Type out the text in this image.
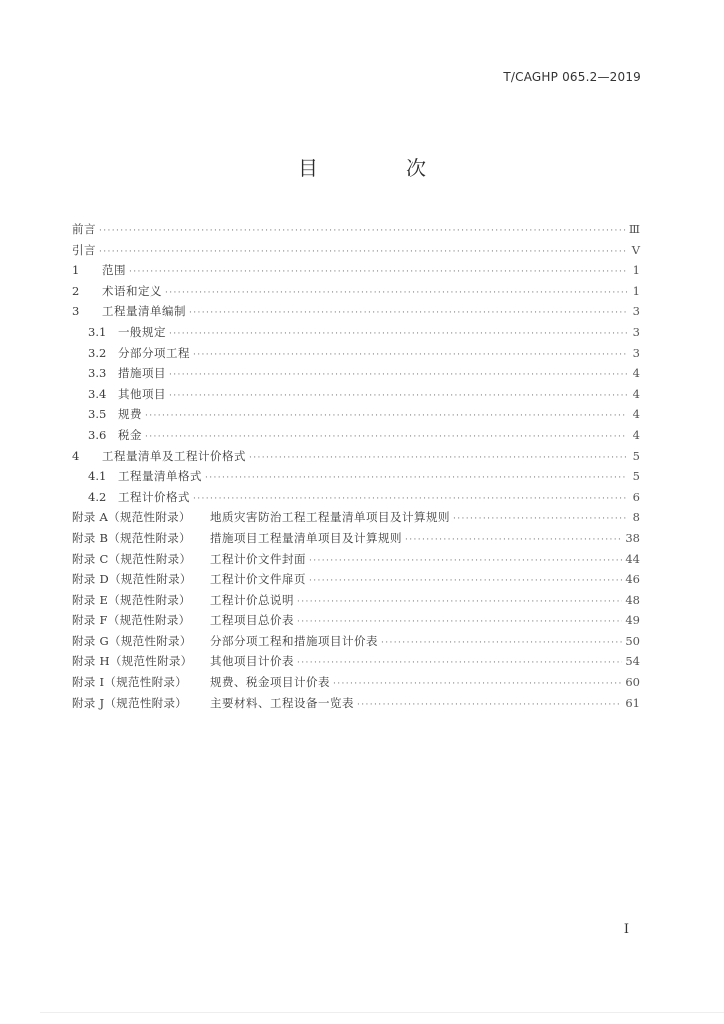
T/CAGHP 065.2—2019
目　次
前言 ·····	Ⅲ
引言 ·····	Ⅴ
1	范围 ·····	1
2	术语和定义 ·····	1
3	工程量清单编制 ·····	3
3.1	一般规定 ·····	3
3.2	分部分项工程 ·····	3
3.3	措施项目 ·····	4
3.4	其他项目 ·····	4
3.5	规费 ·····	4
3.6	税金 ·····	4
4	工程量清单及工程计价格式 ·····	5
4.1	工程量清单格式 ·····	5
4.2	工程计价格式 ·····	6
附录 A（规范性附录）	地质灾害防治工程工程量清单项目及计算规则 ·····	8
附录 B（规范性附录）	措施项目工程量清单项目及计算规则 ·····	38
附录 C（规范性附录）	工程计价文件封面 ·····	44
附录 D（规范性附录）	工程计价文件扉页 ·····	46
附录 E（规范性附录）	工程计价总说明 ·····	48
附录 F（规范性附录）	工程项目总价表 ·····	49
附录 G（规范性附录）	分部分项工程和措施项目计价表 ·····	50
附录 H（规范性附录）	其他项目计价表 ·····	54
附录 I（规范性附录）	规费、税金项目计价表 ·····	60
附录 J（规范性附录）	主要材料、工程设备一览表 ·····	61
I
